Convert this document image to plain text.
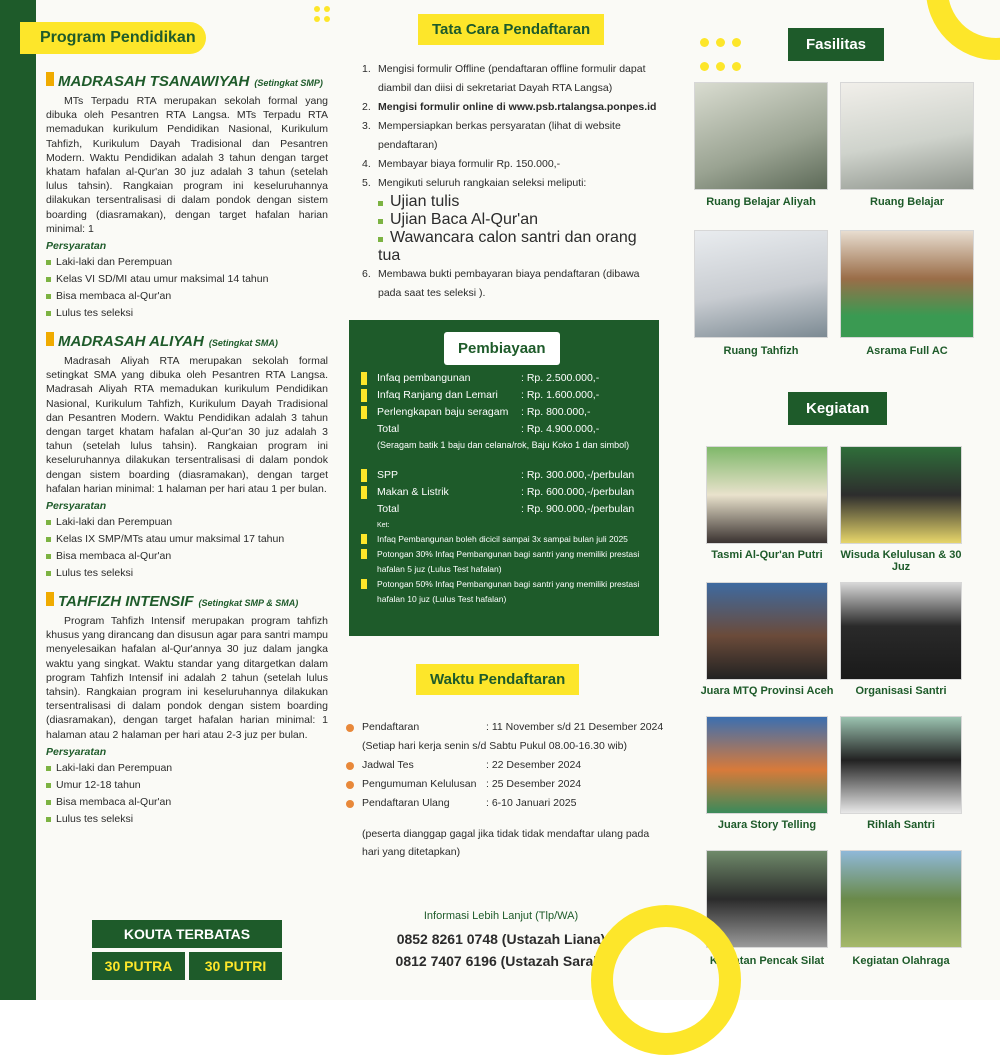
Program Pendidikan
MADRASAH TSANAWIYAH (Setingkat SMP)

MTs Terpadu RTA merupakan sekolah formal yang dibuka oleh Pesantren RTA Langsa. MTs Terpadu RTA memadukan kurikulum Pendidikan Nasional, Kurikulum Tahfizh, Kurikulum Dayah Tradisional dan Pesantren Modern. Waktu Pendidikan adalah 3 tahun dengan target khatam hafalan al-Qur'an 30 juz adalah 3 tahun (setelah lulus tahsin). Rangkaian program ini keseluruhannya dilakukan tersentralisasi di dalam pondok dengan sistem boarding (diasramakan), dengan target hafalan harian minimal: 1

Persyaratan
Laki-laki dan Perempuan
Kelas VI SD/MI atau umur maksimal 14 tahun
Bisa membaca al-Qur'an
Lulus tes seleksi
MADRASAH ALIYAH (Setingkat SMA)

Madrasah Aliyah RTA merupakan sekolah formal setingkat SMA yang dibuka oleh Pesantren RTA Langsa. Madrasah Aliyah RTA memadukan kurikulum Pendidikan Nasional, Kurikulum Tahfizh, Kurikulum Dayah Tradisional dan Pesantren Modern. Waktu Pendidikan adalah 3 tahun dengan target khatam hafalan al-Qur'an 30 juz adalah 3 tahun (setelah lulus tahsin). Rangkaian program ini keseluruhannya dilakukan tersentralisasi di dalam pondok dengan sistem boarding (diasramakan), dengan target hafalan harian minimal: 1 halaman per hari atau 1 per bulan.

Persyaratan
Laki-laki dan Perempuan
Kelas IX SMP/MTs atau umur maksimal 17 tahun
Bisa membaca al-Qur'an
Lulus tes seleksi
TAHFIZH INTENSIF (Setingkat SMP & SMA)

Program Tahfizh Intensif merupakan program tahfizh khusus yang dirancang dan disusun agar para santri mampu menyelesaikan hafalan al-Qur'annya 30 juz dalam jangka waktu yang singkat. Waktu standar yang ditargetkan dalam program Tahfizh Intensif ini adalah 2 tahun (setelah lulus tahsin). Rangkaian program ini keseluruhannya dilakukan tersentralisasi di dalam pondok dengan sistem boarding (diasramakan), dengan target hafalan harian minimal: 1 halaman atau 2 halaman per hari atau 2-3 juz per bulan.

Persyaratan
Laki-laki dan Perempuan
Umur 12-18 tahun
Bisa membaca al-Qur'an
Lulus tes seleksi
KOUTA TERBATAS
30 PUTRA	30 PUTRI
Tata Cara Pendaftaran
1. Mengisi formulir Offline (pendaftaran offline formulir dapat diambil dan diisi di sekretariat Dayah RTA Langsa)
2. Mengisi formulir online di www.psb.rtalangsa.ponpes.id
3. Mempersiapkan berkas persyaratan (lihat di website pendaftaran)
4. Membayar biaya formulir Rp. 150.000,-
5. Mengikuti seluruh rangkaian seleksi meliputi:
Ujian tulis
Ujian Baca Al-Qur'an
Wawancara calon santri dan orang tua
6. Membawa bukti pembayaran biaya pendaftaran (dibawa pada saat tes seleksi ).
Pembiayaan
Infaq pembangunan	: Rp. 2.500.000,-
Infaq Ranjang dan Lemari	: Rp. 1.600.000,-
Perlengkapan baju seragam	: Rp. 800.000,-
Total	: Rp. 4.900.000,-
(Seragam batik 1 baju dan celana/rok, Baju Koko 1 dan simbol)
SPP	: Rp. 300.000,-/perbulan
Makan & Listrik	: Rp. 600.000,-/perbulan
Total	: Rp. 900.000,-/perbulan
Ket:
Infaq Pembangunan boleh dicicil sampai 3x sampai bulan juli 2025
Potongan 30% Infaq Pembangunan bagi santri yang memiliki prestasi hafalan 5 juz (Lulus Test hafalan)
Potongan 50% Infaq Pembangunan bagi santri yang memiliki prestasi hafalan 10 juz (Lulus Test hafalan)
Waktu Pendaftaran
Pendaftaran	: 11 November s/d 21 Desember 2024
(Setiap hari kerja senin s/d Sabtu Pukul 08.00-16.30 wib)
Jadwal Tes	: 22 Desember 2024
Pengumuman Kelulusan : 25 Desember 2024
Pendaftaran Ulang	: 6-10 Januari 2025
(peserta dianggap gagal jika tidak tidak mendaftar ulang pada hari yang ditetapkan)
Informasi Lebih Lanjut (Tlp/WA)
0852 8261 0748 (Ustazah Liana)
0812 7407 6196 (Ustazah Sarah)
Fasilitas
Ruang Belajar Aliyah	Ruang Belajar
Ruang Tahfizh	Asrama Full AC
Kegiatan
Tasmi Al-Qur'an Putri	Wisuda Kelulusan & 30 Juz
Juara MTQ Provinsi Aceh	Organisasi Santri
Juara Story Telling	Rihlah Santri
Kegiatan Pencak Silat	Kegiatan Olahraga
